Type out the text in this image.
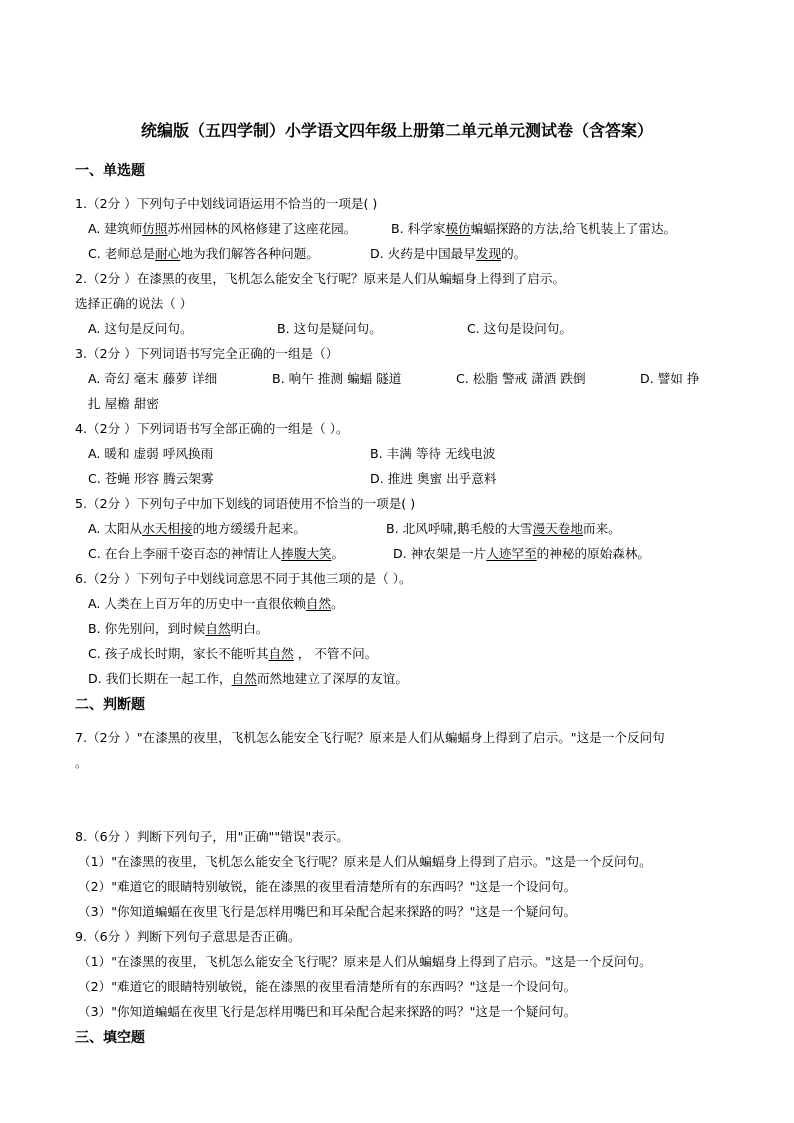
统编版（五四学制）小学语文四年级上册第二单元单元测试卷（含答案）
一、单选题
1.（2分 ）下列句子中划线词语运用不恰当的一项是( )
A. 建筑师仿照苏州园林的风格修建了这座花园。	B. 科学家模仿蝙蝠探路的方法,给飞机装上了雷达。
C. 老师总是耐心地为我们解答各种问题。	D. 火药是中国最早发现的。
2.（2分 ）在漆黑的夜里，飞机怎么能安全飞行呢？原来是人们从蝙蝠身上得到了启示。
选择正确的说法（ ）
A. 这句是反问句。	B. 这句是疑问句。	C. 这句是设问句。
3.（2分 ）下列词语书写完全正确的一组是（）
A. 奇幻 毫末 藤萝 详细	B. 响午 推测 蝙蝠 隧道	C. 松脂 警戒 潇酒 跌倒	D. 譬如 挣
扎 屋檐 甜密
4.（2分 ）下列词语书写全部正确的一组是（ ）。
A. 暖和 虚弱 呼风换雨	B. 丰满 等待 无线电波
C. 苍蝇 形容 腾云架雾	D. 推进 奥蜜 出乎意料
5.（2分 ）下列句子中加下划线的词语使用不恰当的一项是( )
A. 太阳从水天相接的地方缓缓升起来。	B. 北风呼啸,鹅毛般的大雪漫天卷地而来。
C. 在台上李丽千姿百态的神情让人捧腹大笑。	D. 神农架是一片人迹罕至的神秘的原始森林。
6.（2分 ）下列句子中划线词意思不同于其他三项的是（ ）。
A. 人类在上百万年的历史中一直很依赖自然。
B. 你先别问，到时候自然明白。
C. 孩子成长时期，家长不能听其自然 ， 不管不问。
D. 我们长期在一起工作，自然而然地建立了深厚的友谊。
二、判断题
7.（2分 ）"在漆黑的夜里，飞机怎么能安全飞行呢？原来是人们从蝙蝠身上得到了启示。"这是一个反问句
。
8.（6分 ）判断下列句子，用"正确""错误"表示。
（1）"在漆黑的夜里，飞机怎么能安全飞行呢？原来是人们从蝙蝠身上得到了启示。"这是一个反问句。
（2）"难道它的眼睛特别敏锐，能在漆黑的夜里看清楚所有的东西吗？"这是一个设问句。
（3）"你知道蝙蝠在夜里飞行是怎样用嘴巴和耳朵配合起来探路的吗？"这是一个疑问句。
9.（6分 ）判断下列句子意思是否正确。
（1）"在漆黑的夜里，飞机怎么能安全飞行呢？原来是人们从蝙蝠身上得到了启示。"这是一个反问句。
（2）"难道它的眼睛特别敏锐，能在漆黑的夜里看清楚所有的东西吗？"这是一个设问句。
（3）"你知道蝙蝠在夜里飞行是怎样用嘴巴和耳朵配合起来探路的吗？"这是一个疑问句。
三、填空题
